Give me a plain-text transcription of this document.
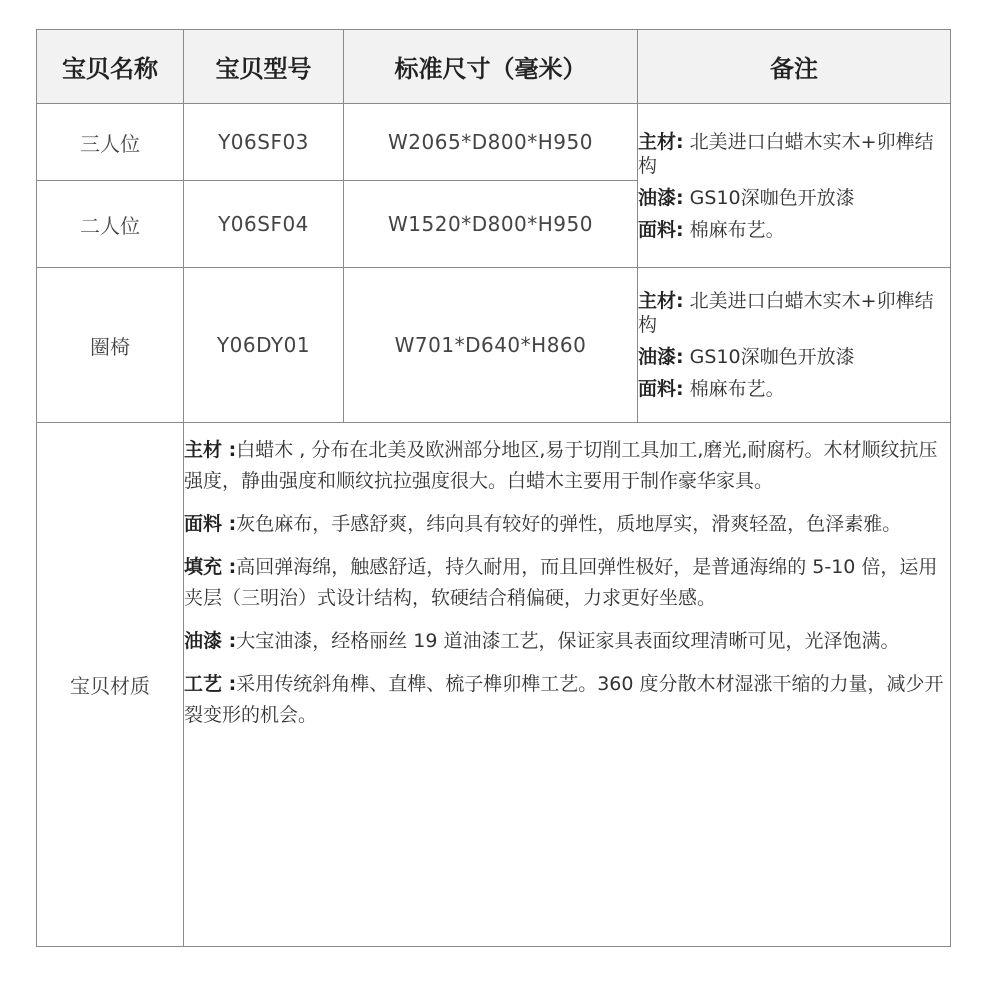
宝贝名称	宝贝型号	标准尺寸（毫米）	备注
三人位	Y06SF03	W2065*D800*H950	主材: 北美进口白蜡木实木+卯榫结构

油漆: GS10深咖色开放漆

面料: 棉麻布艺。

二人位	Y06SF04	W1520*D800*H950	
圈椅	Y06DY01	W701*D640*H860	主材: 北美进口白蜡木实木+卯榫结构

油漆: GS10深咖色开放漆

面料: 棉麻布艺。

宝贝材质	主材 :白蜡木 , 分布在北美及欧洲部分地区,易于切削工具加工,磨光,耐腐朽。木材顺纹抗压强度，静曲强度和顺纹抗拉强度很大。白蜡木主要用于制作豪华家具。

面料 :灰色麻布，手感舒爽，纬向具有较好的弹性，质地厚实，滑爽轻盈，色泽素雅。

填充 :高回弹海绵，触感舒适，持久耐用，而且回弹性极好，是普通海绵的 5-10 倍，运用夹层（三明治）式设计结构，软硬结合稍偏硬，力求更好坐感。

油漆 :大宝油漆，经格丽丝 19 道油漆工艺，保证家具表面纹理清晰可见，光泽饱满。

工艺 :采用传统斜角榫、直榫、梳子榫卯榫工艺。360 度分散木材湿涨干缩的力量，减少开裂变形的机会。		
